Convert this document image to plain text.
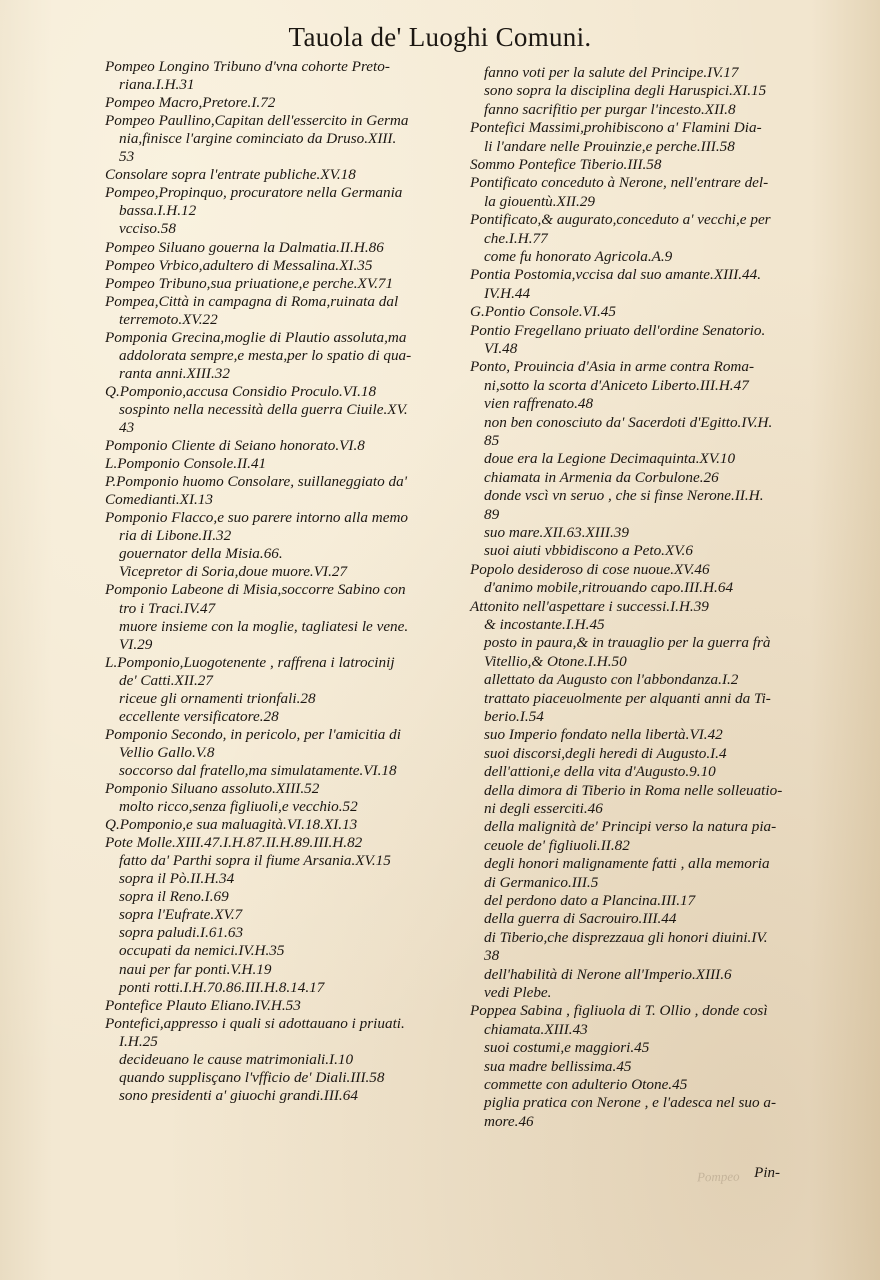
Tauola de' Luoghi Comuni.
Pompeo Longino Tribuno d'vna cohorte Preto-
riana.I.H.31
Pompeo Macro,Pretore.I.72
Pompeo Paullino,Capitan dell'essercito in Germa
nia,finisce l'argine cominciato da Druso.XIII.
53
Consolare sopra l'entrate publiche.XV.18
Pompeo,Propinquo, procuratore nella Germania
bassa.I.H.12
vcciso.58
Pompeo Siluano gouerna la Dalmatia.II.H.86
Pompeo Vrbico,adultero di Messalina.XI.35
Pompeo Tribuno,sua priuatione,e perche.XV.71
Pompea,Città in campagna di Roma,ruinata dal
terremoto.XV.22
Pomponia Grecina,moglie di Plautio assoluta,ma
addolorata sempre,e mesta,per lo spatio di qua-
ranta anni.XIII.32
Q.Pomponio,accusa Considio Proculo.VI.18
sospinto nella necessità della guerra Ciuile.XV.
43
Pomponio Cliente di Seiano honorato.VI.8
L.Pomponio Console.II.41
P.Pomponio huomo Consolare, suillaneggiato da'
Comedianti.XI.13
Pomponio Flacco,e suo parere intorno alla memo
ria di Libone.II.32
gouernator della Misia.66.
Vicepretor di Soria,doue muore.VI.27
Pomponio Labeone di Misia,soccorre Sabino con
tro i Traci.IV.47
muore insieme con la moglie, tagliatesi le vene.
VI.29
L.Pomponio,Luogotenente , raffrena i latrocinij
de' Catti.XII.27
riceue gli ornamenti trionfali.28
eccellente versificatore.28
Pomponio Secondo, in pericolo, per l'amicitia di
Vellio Gallo.V.8
soccorso dal fratello,ma simulatamente.VI.18
Pomponio Siluano assoluto.XIII.52
molto ricco,senza figliuoli,e vecchio.52
Q.Pomponio,e sua maluagità.VI.18.XI.13
Pote Molle.XIII.47.I.H.87.II.H.89.III.H.82
fatto da' Parthi sopra il fiume Arsania.XV.15
sopra il Pò.II.H.34
sopra il Reno.I.69
sopra l'Eufrate.XV.7
sopra paludi.I.61.63
occupati da nemici.IV.H.35
naui per far ponti.V.H.19
ponti rotti.I.H.70.86.III.H.8.14.17
Pontefice Plauto Eliano.IV.H.53
Pontefici,appresso i quali si adottauano i priuati.
I.H.25
decideuano le cause matrimoniali.I.10
quando supplisçano l'vfficio de' Diali.III.58
sono presidenti a' giuochi grandi.III.64
fanno voti per la salute del Principe.IV.17
sono sopra la disciplina degli Haruspici.XI.15
fanno sacrifitio per purgar l'incesto.XII.8
Pontefici Massimi,prohibiscono a' Flamini Dia-
li l'andare nelle Prouinzie,e perche.III.58
Sommo Pontefice Tiberio.III.58
Pontificato conceduto à Nerone, nell'entrare del-
la giouentù.XII.29
Pontificato,& augurato,conceduto a' vecchi,e per
che.I.H.77
come fu honorato Agricola.A.9
Pontia Postomia,vccisa dal suo amante.XIII.44.
IV.H.44
G.Pontio Console.VI.45
Pontio Fregellano priuato dell'ordine Senatorio.
VI.48
Ponto, Prouincia d'Asia in arme contra Roma-
ni,sotto la scorta d'Aniceto Liberto.III.H.47
vien raffrenato.48
non ben conosciuto da' Sacerdoti d'Egitto.IV.H.
85
doue era la Legione Decimaquinta.XV.10
chiamata in Armenia da Corbulone.26
donde vscì vn seruo , che si finse Nerone.II.H.
89
suo mare.XII.63.XIII.39
suoi aiuti vbbidiscono a Peto.XV.6
Popolo desideroso di cose nuoue.XV.46
d'animo mobile,ritrouando capo.III.H.64
Attonito nell'aspettare i successi.I.H.39
& incostante.I.H.45
posto in paura,& in trauaglio per la guerra frà
Vitellio,& Otone.I.H.50
allettato da Augusto con l'abbondanza.I.2
trattato piaceuolmente per alquanti anni da Ti-
berio.I.54
suo Imperio fondato nella libertà.VI.42
suoi discorsi,degli heredi di Augusto.I.4
dell'attioni,e della vita d'Augusto.9.10
della dimora di Tiberio in Roma nelle solleuatio-
ni degli esserciti.46
della malignità de' Principi verso la natura pia-
ceuole de' figliuoli.II.82
degli honori malignamente fatti , alla memoria
di Germanico.III.5
del perdono dato a Plancina.III.17
della guerra di Sacrouiro.III.44
di Tiberio,che disprezzaua gli honori diuini.IV.
38
dell'habilità di Nerone all'Imperio.XIII.6
vedi Plebe.
Poppea Sabina , figliuola di T. Ollio , donde così
chiamata.XIII.43
suoi costumi,e maggiori.45
sua madre bellissima.45
commette con adulterio Otone.45
piglia pratica con Nerone , e l'adesca nel suo a-
more.46
Pompeo Pin-
